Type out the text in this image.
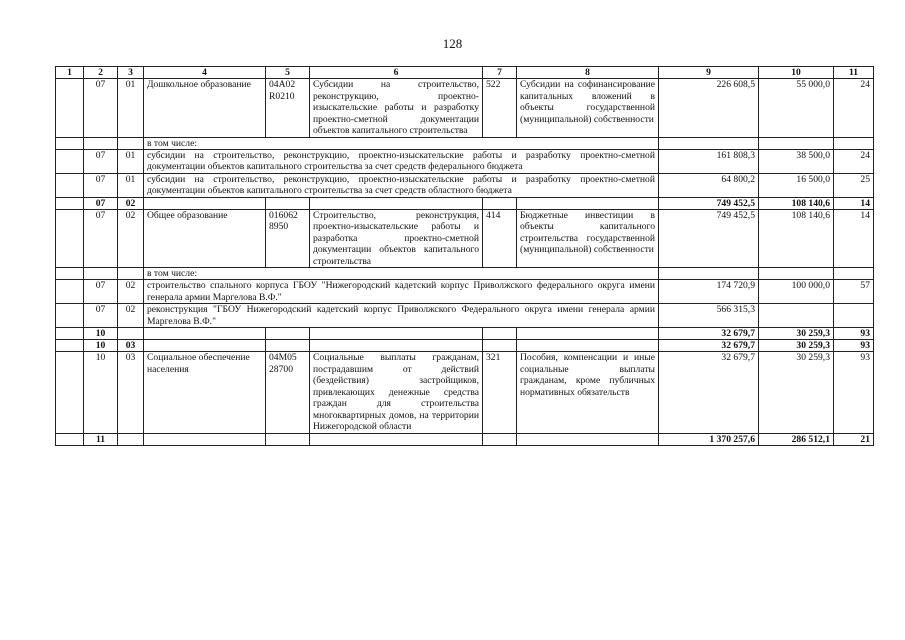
128
1	2	3	4	5	6	7	8	9	10	11
	07	01	Дошкольное образование	04А02 R0210	Субсидии на строительство, реконструкцию, проектно-изыскательские работы и разработку проектно-сметной документации объектов капитального строительства	522	Субсидии на софинансирование капитальных вложений в объекты государственной (муниципальной) собственности	226 608,5	55 000,0	24
			в том числе:							
	07	01	субсидии на строительство, реконструкцию, проектно-изыскательские работы и разработку проектно-сметной документации объектов капитального строительства за счет средств федерального бюджета					161 808,3	38 500,0	24
	07	01	субсидии на строительство, реконструкцию, проектно-изыскательские работы и разработку проектно-сметной документации объектов капитального строительства за счет средств областного бюджета					64 800,2	16 500,0	25
	07	02						749 452,5	108 140,6	14
	07	02	Общее образование	016062 8950	Строительство, реконструкция, проектно-изыскательские работы и разработка проектно-сметной документации объектов капитального строительства	414	Бюджетные инвестиции в объекты капитального строительства государственной (муниципальной) собственности	749 452,5	108 140,6	14
			в том числе:							
	07	02	строительство спального корпуса ГБОУ "Нижегородский кадетский корпус Приволжского федерального округа имени генерала армии Маргелова В.Ф."					174 720,9	100 000,0	57
	07	02	реконструкция "ГБОУ Нижегородский кадетский корпус Приволжского Федерального округа имени генерала армии Маргелова В.Ф."					566 315,3		
	10							32 679,7	30 259,3	93
	10	03						32 679,7	30 259,3	93
	10	03	Социальное обеспечение населения	04М05 28700	Социальные выплаты гражданам, пострадавшим от действий (бездействия) застройщиков, привлекающих денежные средства граждан для строительства многоквартирных домов, на территории Нижегородской области	321	Пособия, компенсации и иные социальные выплаты гражданам, кроме публичных нормативных обязательств	32 679,7	30 259,3	93
	11							1 370 257,6	286 512,1	21
